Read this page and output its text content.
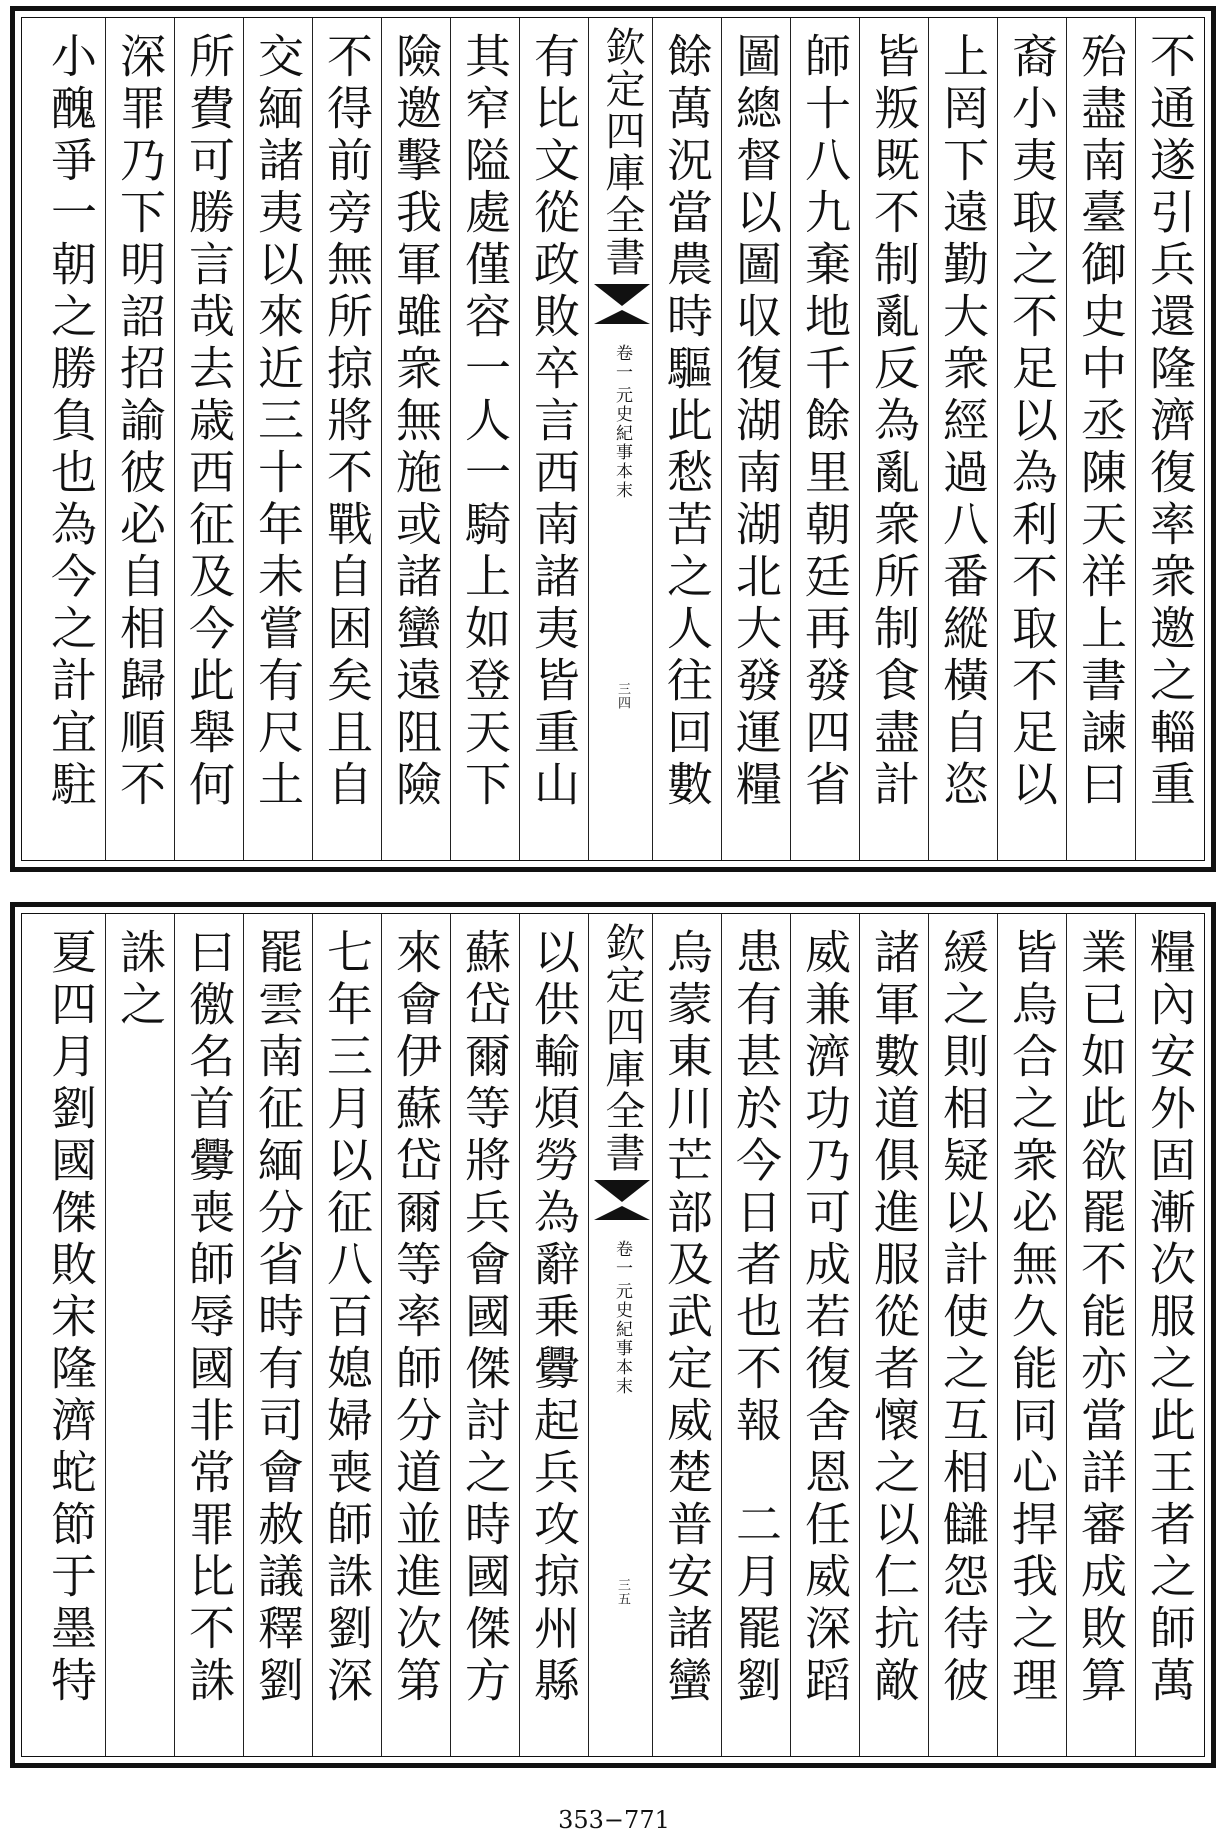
不通遂引兵還隆濟復率衆邀之輜重
殆盡南臺御史中丞陳天祥上書諫曰
裔小夷取之不足以為利不取不足以
上罔下遠勤大衆經過八番縱橫自恣
皆叛既不制亂反為亂衆所制食盡計
師十八九棄地千餘里朝廷再發四省
圖總督以圖収復湖南湖北大發運糧
餘萬況當農時驅此愁苦之人往回數
欽定四庫全書
元史紀事本末
卷一
三四
有比文從政敗卒言西南諸夷皆重山
其窄隘處僅容一人一騎上如登天下
險邀擊我軍雖衆無施或諸蠻遠阻險
不得前旁無所掠將不戰自困矣且自
交緬諸夷以來近三十年未嘗有尺土
所費可勝言哉去歳西征及今此舉何
深罪乃下明詔招諭彼必自相歸順不
小醜爭一朝之勝負也為今之計宜駐
糧內安外固漸次服之此王者之師萬
業已如此欲罷不能亦當詳審成敗算
皆烏合之衆必無久能同心捍我之理
緩之則相疑以計使之互相讎怨待彼
諸軍數道俱進服從者懷之以仁抗敵
威兼濟功乃可成若復舍恩任威深蹈
患有甚於今日者也不報　二月罷劉
烏蒙東川芒部及武定威楚普安諸蠻
欽定四庫全書
元史紀事本末
卷一
三五
以供輸煩勞為辭乗釁起兵攻掠州縣
蘇岱爾等將兵會國傑討之時國傑方
來會伊蘇岱爾等率師分道並進次第
七年三月以征八百媳婦喪師誅劉深
罷雲南征緬分省時有司會赦議釋劉
曰徼名首釁喪師辱國非常罪比不誅
誅之
夏四月劉國傑敗宋隆濟蛇節于墨特
353−771
